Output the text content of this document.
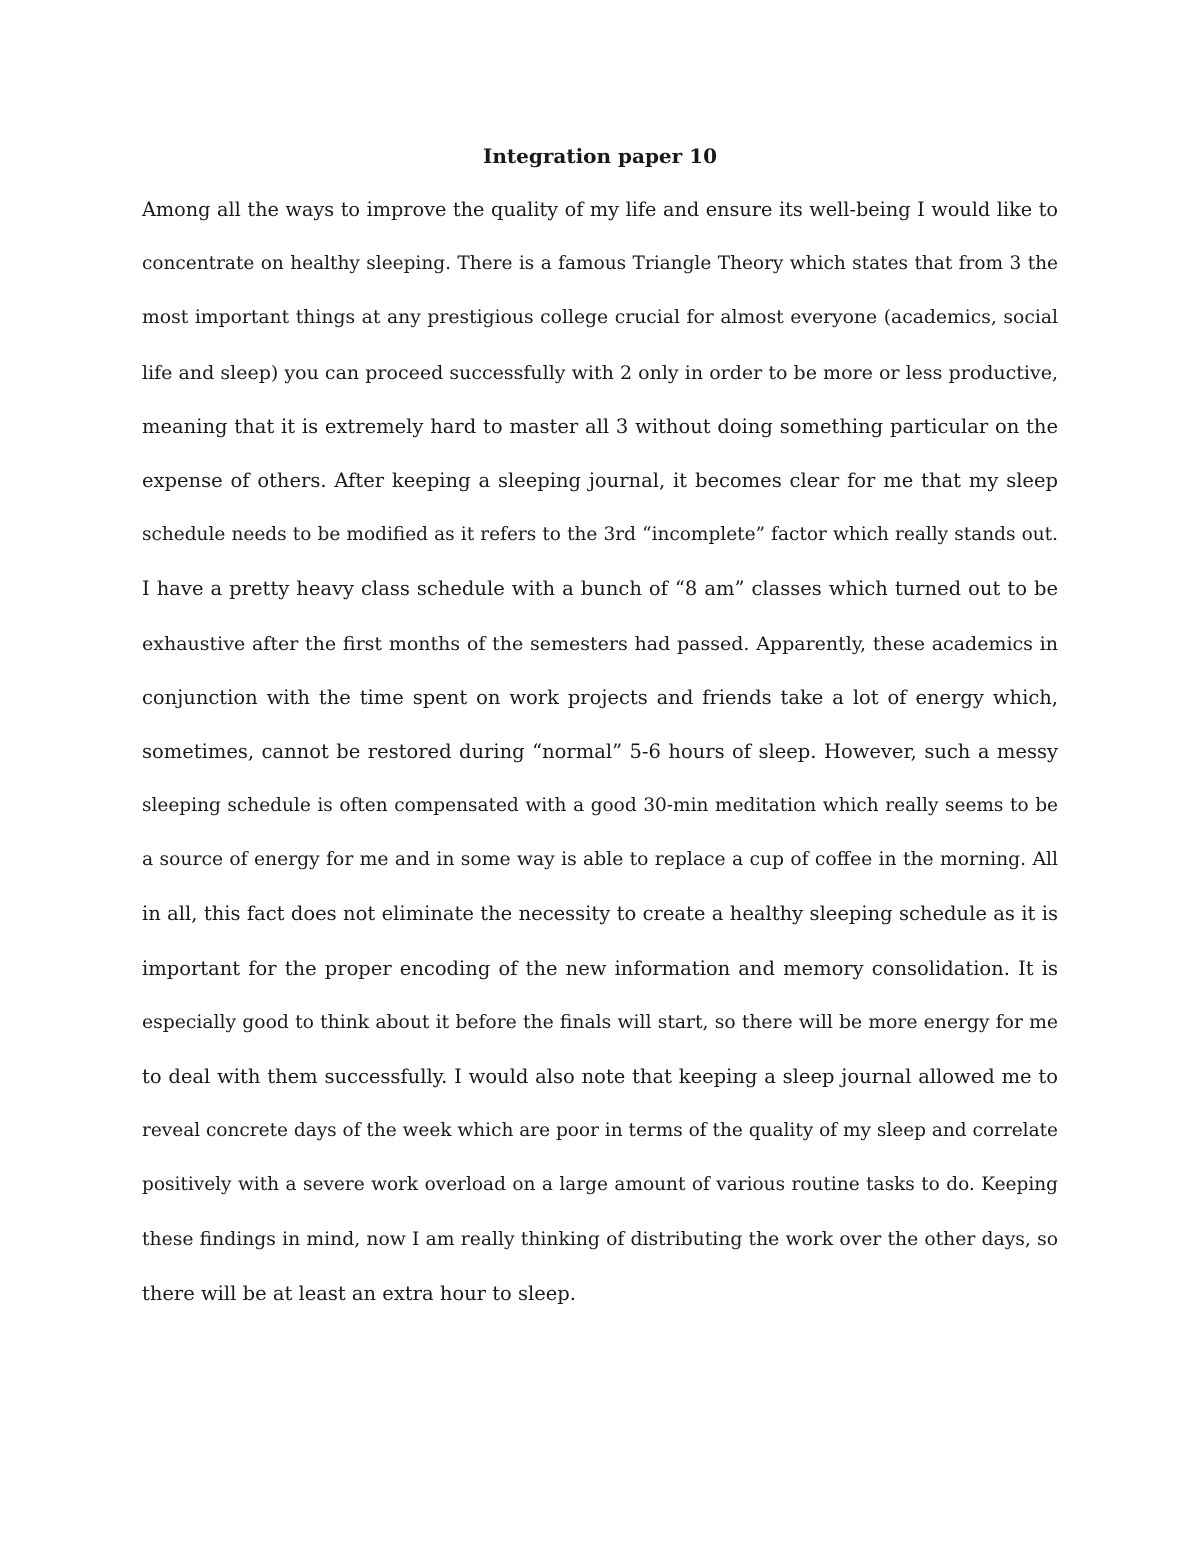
Integration paper 10
Among all the ways to improve the quality of my life and ensure its well-being I would like to
concentrate on healthy sleeping. There is a famous Triangle Theory which states that from 3 the
most important things at any prestigious college crucial for almost everyone (academics, social
life and sleep) you can proceed successfully with 2 only in order to be more or less productive,
meaning that it is extremely hard to master all 3 without doing something particular on the
expense of others. After keeping a sleeping journal, it becomes clear for me that my sleep
schedule needs to be modified as it refers to the 3rd “incomplete” factor which really stands out.
I have a pretty heavy class schedule with a bunch of “8 am” classes which turned out to be
exhaustive after the first months of the semesters had passed. Apparently, these academics in
conjunction with the time spent on work projects and friends take a lot of energy which,
sometimes, cannot be restored during “normal” 5-6 hours of sleep. However, such a messy
sleeping schedule is often compensated with a good 30-min meditation which really seems to be
a source of energy for me and in some way is able to replace a cup of coffee in the morning. All
in all, this fact does not eliminate the necessity to create a healthy sleeping schedule as it is
important for the proper encoding of the new information and memory consolidation. It is
especially good to think about it before the finals will start, so there will be more energy for me
to deal with them successfully. I would also note that keeping a sleep journal allowed me to
reveal concrete days of the week which are poor in terms of the quality of my sleep and correlate
positively with a severe work overload on a large amount of various routine tasks to do. Keeping
these findings in mind, now I am really thinking of distributing the work over the other days, so
there will be at least an extra hour to sleep.
